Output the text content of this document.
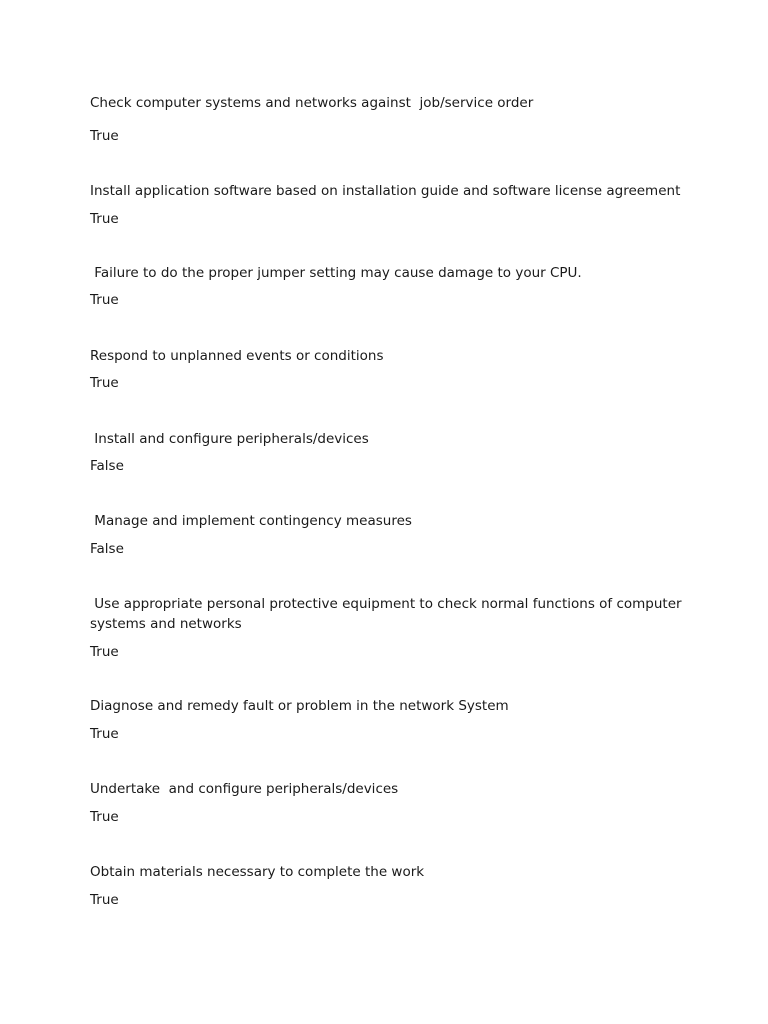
Check computer systems and networks against  job/service order

True

Install application software based on installation guide and software license agreement

True

Failure to do the proper jumper setting may cause damage to your CPU.

True

Respond to unplanned events or conditions

True

Install and configure peripherals/devices

False

Manage and implement contingency measures

False

Use appropriate personal protective equipment to check normal functions of computer systems and networks

True

Diagnose and remedy fault or problem in the network System

True

Undertake  and configure peripherals/devices

True

Obtain materials necessary to complete the work

True
